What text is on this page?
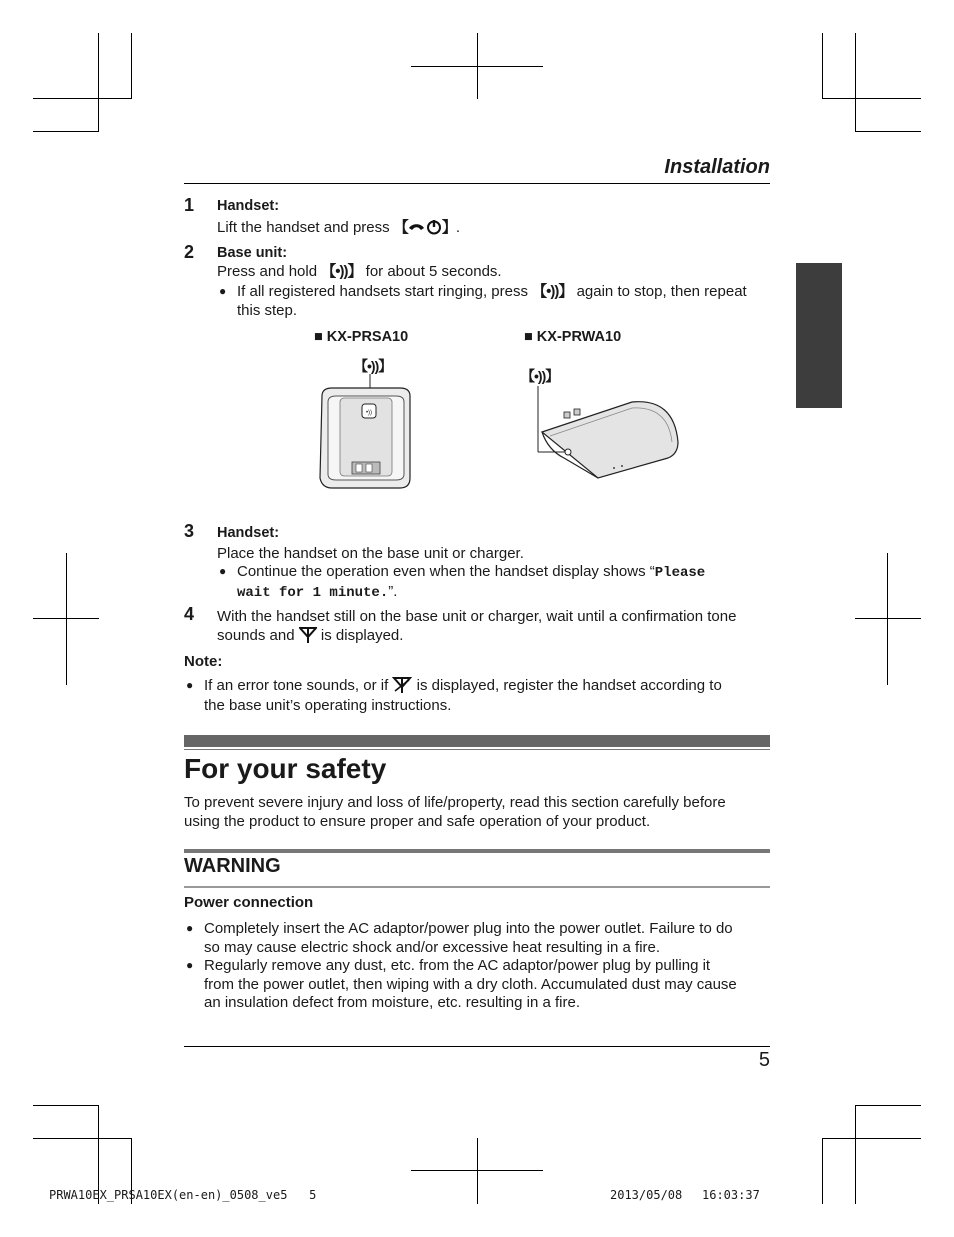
Installation
1 Handset:
Lift the handset and press 【 】.
2 Base unit:
Press and hold 【•))】 for about 5 seconds.
● If all registered handsets start ringing, press 【•))】 again to stop, then repeat
this step.
■ KX-PRSA10	■ KX-PRWA10
【•))】
【•))】
•))
3 Handset:
Place the handset on the base unit or charger.
● Continue the operation even when the handset display shows “Please
wait for 1 minute.”.
4 With the handset still on the base unit or charger, wait until a confirmation tone
sounds and  is displayed.
Note:
● If an error tone sounds, or if  is displayed, register the handset according to
the base unit’s operating instructions.
For your safety
To prevent severe injury and loss of life/property, read this section carefully before
using the product to ensure proper and safe operation of your product.
WARNING
Power connection
● Completely insert the AC adaptor/power plug into the power outlet. Failure to do
so may cause electric shock and/or excessive heat resulting in a fire.
● Regularly remove any dust, etc. from the AC adaptor/power plug by pulling it
from the power outlet, then wiping with a dry cloth. Accumulated dust may cause
an insulation defect from moisture, etc. resulting in a fire.
5
PRWA10EX_PRSA10EX(en-en)_0508_ve5   5	2013/05/08 16:03:37
